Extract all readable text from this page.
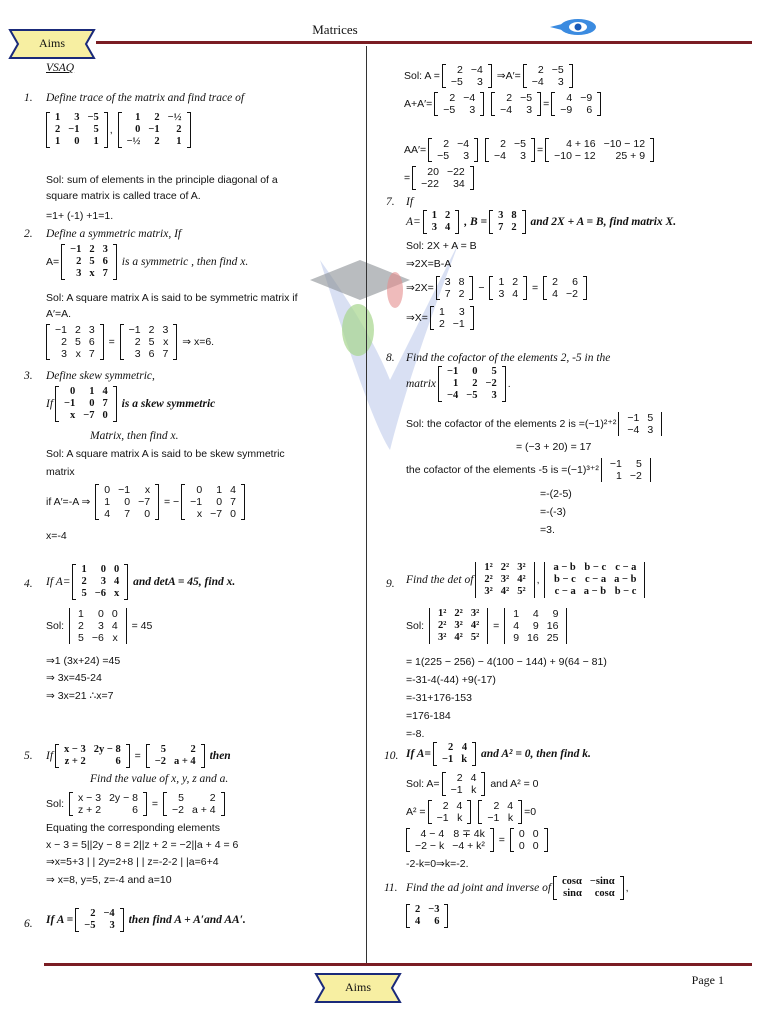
Aims
Matrices
VSAQ
1. Define trace of the matrix and find trace of
1	3	−5
2	−1	5
1	0	1
,
1	2	−½
0	−1	2
−½	2	1
Sol: sum of elements in the principle diagonal of a
square matrix is called trace of A.
=1+ (-1) +1=1.
2. Define a symmetric matrix, If
A=
−1	2	3
2	5	6
3	x	7
is a symmetric , then find x.
Sol: A square matrix A is said to be symmetric matrix if
A′=A.
−1	2	3
2	5	6
3	x	7
=
−1	2	3
2	5	x
3	6	7
⇒ x=6.
3. Define skew symmetric,
If
0	1	4
−1	0	7
x	−7	0
is a skew symmetric
Matrix, then find x.
Sol: A square matrix A is said to be skew symmetric
matrix
if A′=-A ⇒
0	−1	x
1	0	−7
4	7	0
= −
0	1	4
−1	0	7
x	−7	0
x=-4
4. If A=
1	0	0
2	3	4
5	−6	x
and detA = 45, find x.
Sol:
1	0	0
2	3	4
5	−6	x
= 45
⇒1 (3x+24) =45
⇒ 3x=45-24
⇒ 3x=21 ∴x=7
5. If
x − 3	2y − 8
z + 2	6 =
5	2
−2	a + 4 then
Find the value of x, y, z and a.
Sol: x − 3	2y − 8
z + 2	6
= 5	2
−2	a + 4
Equating the corresponding elements
x − 3 = 5||2y − 8 = 2||z + 2 = −2||a + 4 = 6
⇒x=5+3 | | 2y=2+8 | | z=-2-2 | |a=6+4
⇒ x=8, y=5, z=-4 and a=10
6. If A =
2	−4
−5	3 then find A + A′and AA′.
Sol: A = 2	−4
−5	3
⇒A′= 2	−5
−4	3
A+A′= 2	−4
−5	3

2	−5
−4	3
= 4	−9
−9	6
AA′= 2	−4
−5	3

2	−5
−4	3
= 4 + 16	−10 − 12
−10 − 12	25 + 9
= 20	−22
−22	34
7. If
A=
1	2
3	4 , B =
3	8
7	2 and 2X + A = B, find matrix X.
Sol: 2X + A = B
⇒2X=B-A
⇒2X= 3	8
7	2
− 1	2
3	4
= 2	6
4	−2
⇒X= 1	3
2	−1
8. Find the cofactor of the elements 2, -5 in the
matrix
−1	0	5
1	2	−2
−4	−5	3
.
Sol: the cofactor of the elements 2 is =(−1)²⁺² −1	5
−4	3
= (−3 + 20) = 17
the cofactor of the elements -5 is =(−1)³⁺² −1	5
1	−2
=-(2-5)
=-(-3)
=3.
9. Find the det of
1²	2²	3²
2²	3²	4²
3²	4²	5²
,
a − b	b − c	c − a
b − c	c − a	a − b
c − a	a − b	b − c
Sol:
1²	2²	3²
2²	3²	4²
3²	4²	5²
=
1	4	9
4	9	16
9	16	25
= 1(225 − 256) − 4(100 − 144) + 9(64 − 81)
=-31-4(-44) +9(-17)
=-31+176-153
=176-184
=-8.
10. If A=
2	4
−1	k and A² = 0, then find k.
Sol: A= 2	4
−1	k
and A² = 0
A² = 2	4
−1	k

2	4
−1	k
=0
4 − 4	8 ∓ 4k
−2 − k	−4 + k²
= 0	0
0	0
-2-k=0⇒k=-2.
11. Find the ad joint and inverse of
cosα	−sinα
sinα	cosα ,
2	−3
4	6
Aims	Page 1
